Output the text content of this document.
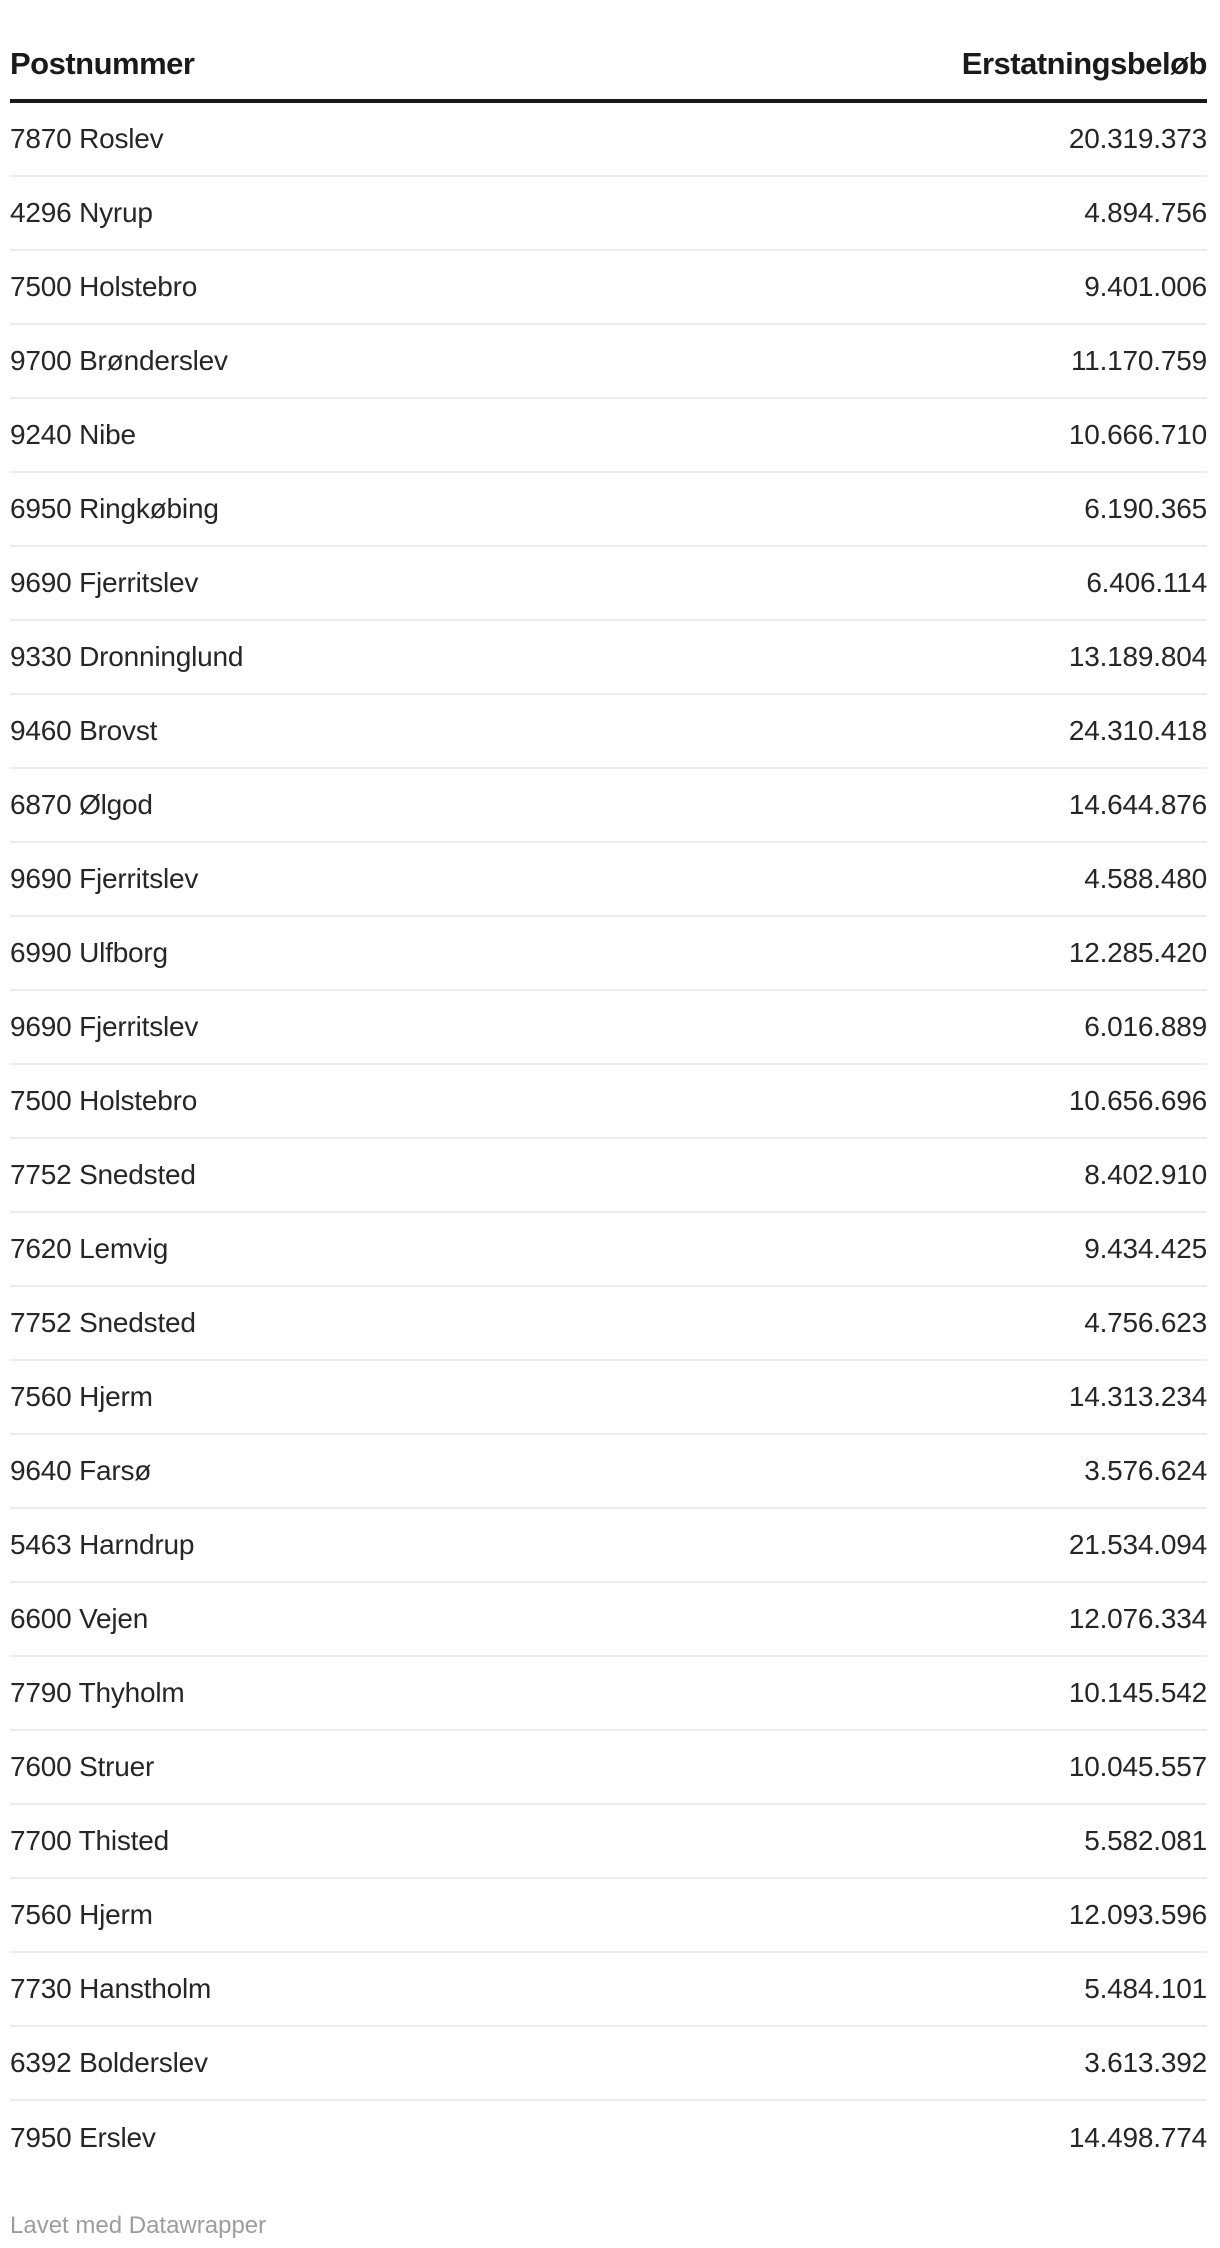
Postnummer	Erstatningsbeløb
7870 Roslev	20.319.373
4296 Nyrup	4.894.756
7500 Holstebro	9.401.006
9700 Brønderslev	11.170.759
9240 Nibe	10.666.710
6950 Ringkøbing	6.190.365
9690 Fjerritslev	6.406.114
9330 Dronninglund	13.189.804
9460 Brovst	24.310.418
6870 Ølgod	14.644.876
9690 Fjerritslev	4.588.480
6990 Ulfborg	12.285.420
9690 Fjerritslev	6.016.889
7500 Holstebro	10.656.696
7752 Snedsted	8.402.910
7620 Lemvig	9.434.425
7752 Snedsted	4.756.623
7560 Hjerm	14.313.234
9640 Farsø	3.576.624
5463 Harndrup	21.534.094
6600 Vejen	12.076.334
7790 Thyholm	10.145.542
7600 Struer	10.045.557
7700 Thisted	5.582.081
7560 Hjerm	12.093.596
7730 Hanstholm	5.484.101
6392 Bolderslev	3.613.392
7950 Erslev	14.498.774
Lavet med Datawrapper
